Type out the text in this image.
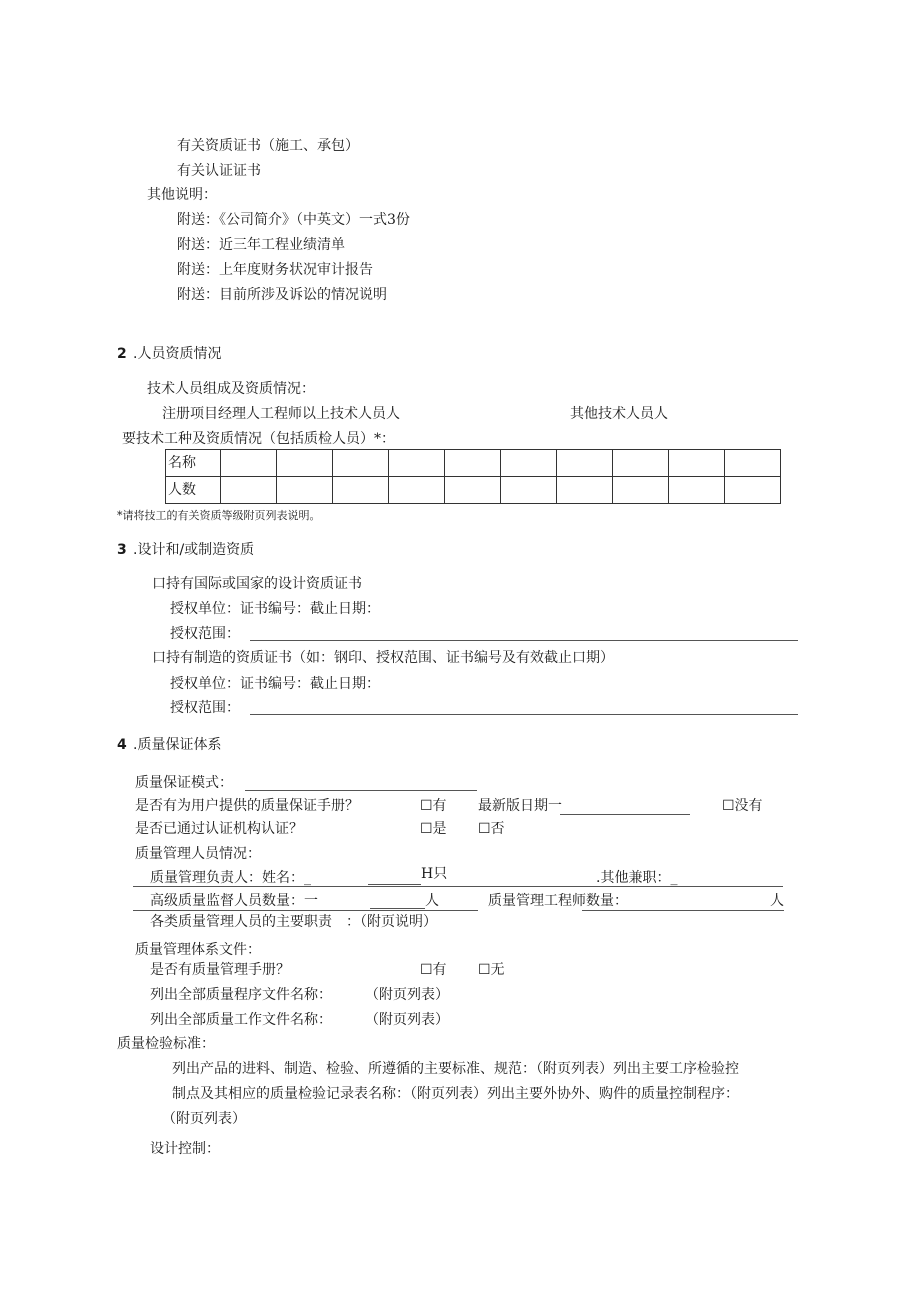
有关资质证书（施工、承包）
有关认证证书
其他说明：
附送：《公司简介》（中英文）一式3份
附送：近三年工程业绩清单
附送：上年度财务状况审计报告
附送：目前所涉及诉讼的情况说明
2 .人员资质情况
技术人员组成及资质情况：
注册项目经理人工程师以上技术人员人	其他技术人员人
要技术工种及资质情况（包括质检人员）*：
名称										
人数										
*请将技工的有关资质等级附页列表说明。
3 .设计和/或制造资质
口持有国际或国家的设计资质证书
授权单位：证书编号：截止日期：
授权范围：
口持有制造的资质证书（如：钢印、授权范围、证书编号及有效截止口期）
授权单位：证书编号：截止日期：
授权范围：
4 .质量保证体系
质量保证模式：
是否有为用户提供的质量保证手册？	☐有 最新版日期一	☐没有
是否已通过认证机构认证？	☐是 ☐否
质量管理人员情况：
质量管理负责人：姓名：_	H只	.其他兼职：_
高级质量监督人员数量：一	人	质量管理工程师数量：	人
各类质量管理人员的主要职责　：（附页说明）
质量管理体系文件：
是否有质量管理手册？	☐有 ☐无
列出全部质量程序文件名称： （附页列表）
列出全部质量工作文件名称： （附页列表）
质量检验标准：
列出产品的进料、制造、检验、所遵循的主要标准、规范：（附页列表）列出主要工序检验控
制点及其相应的质量检验记录表名称：（附页列表）列出主要外协外、购件的质量控制程序：
（附页列表）
设计控制：
